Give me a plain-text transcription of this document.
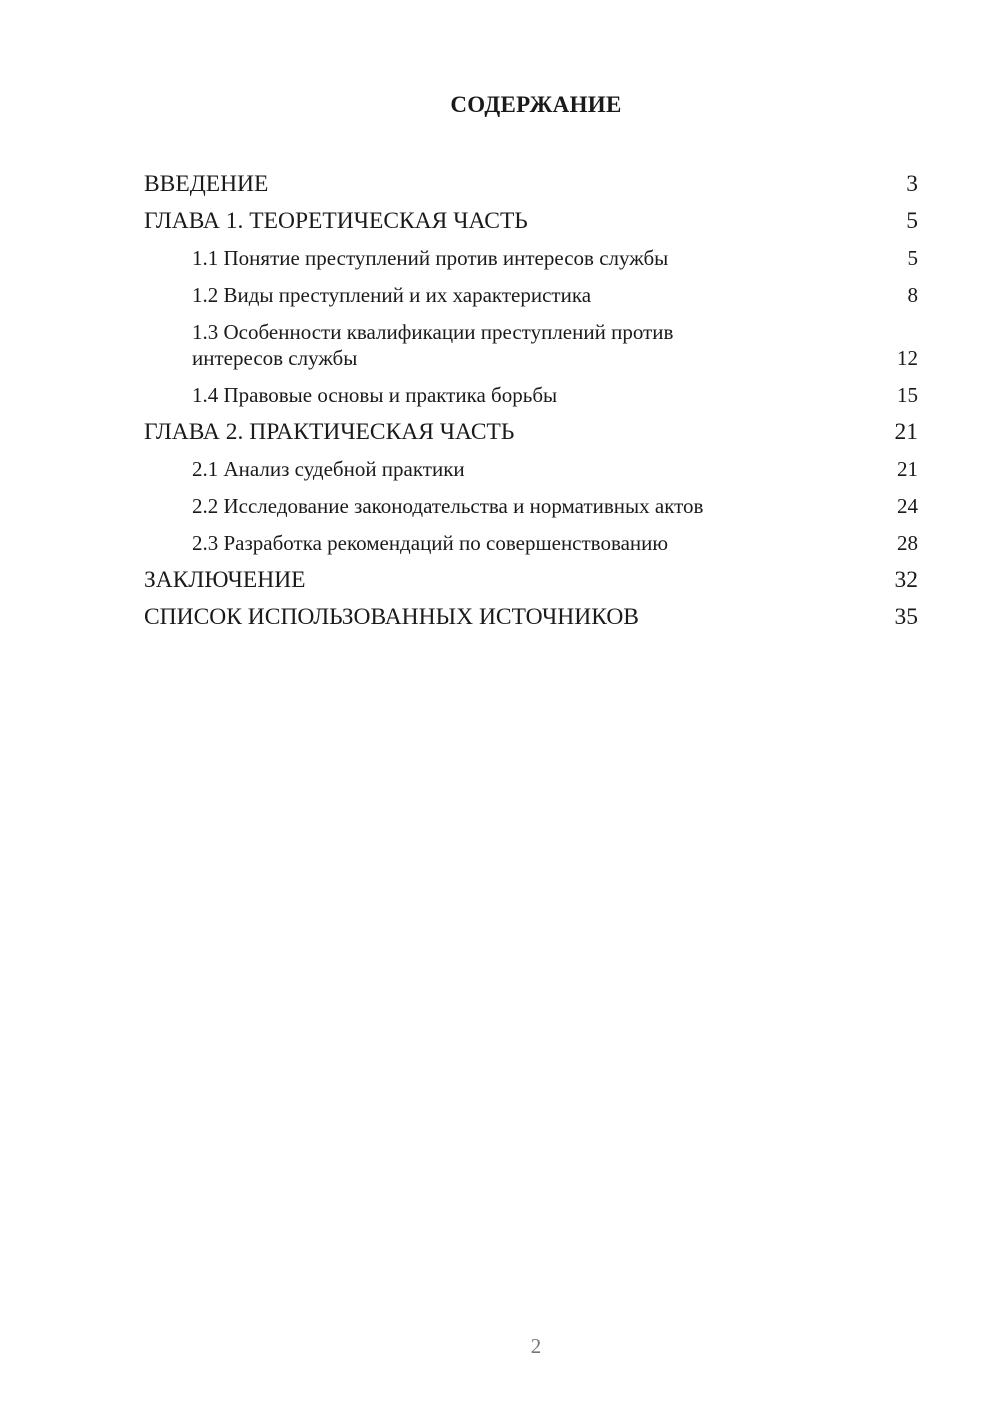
СОДЕРЖАНИЕ
ВВЕДЕНИЕ	3
ГЛАВА 1. ТЕОРЕТИЧЕСКАЯ ЧАСТЬ	5
1.1 Понятие преступлений против интересов службы	5
1.2 Виды преступлений и их характеристика	8
1.3 Особенности квалификации преступлений против
интересов службы	12
1.4 Правовые основы и практика борьбы	15
ГЛАВА 2. ПРАКТИЧЕСКАЯ ЧАСТЬ	21
2.1 Анализ судебной практики	21
2.2 Исследование законодательства и нормативных актов	24
2.3 Разработка рекомендаций по совершенствованию	28
ЗАКЛЮЧЕНИЕ	32
СПИСОК ИСПОЛЬЗОВАННЫХ ИСТОЧНИКОВ	35

2
